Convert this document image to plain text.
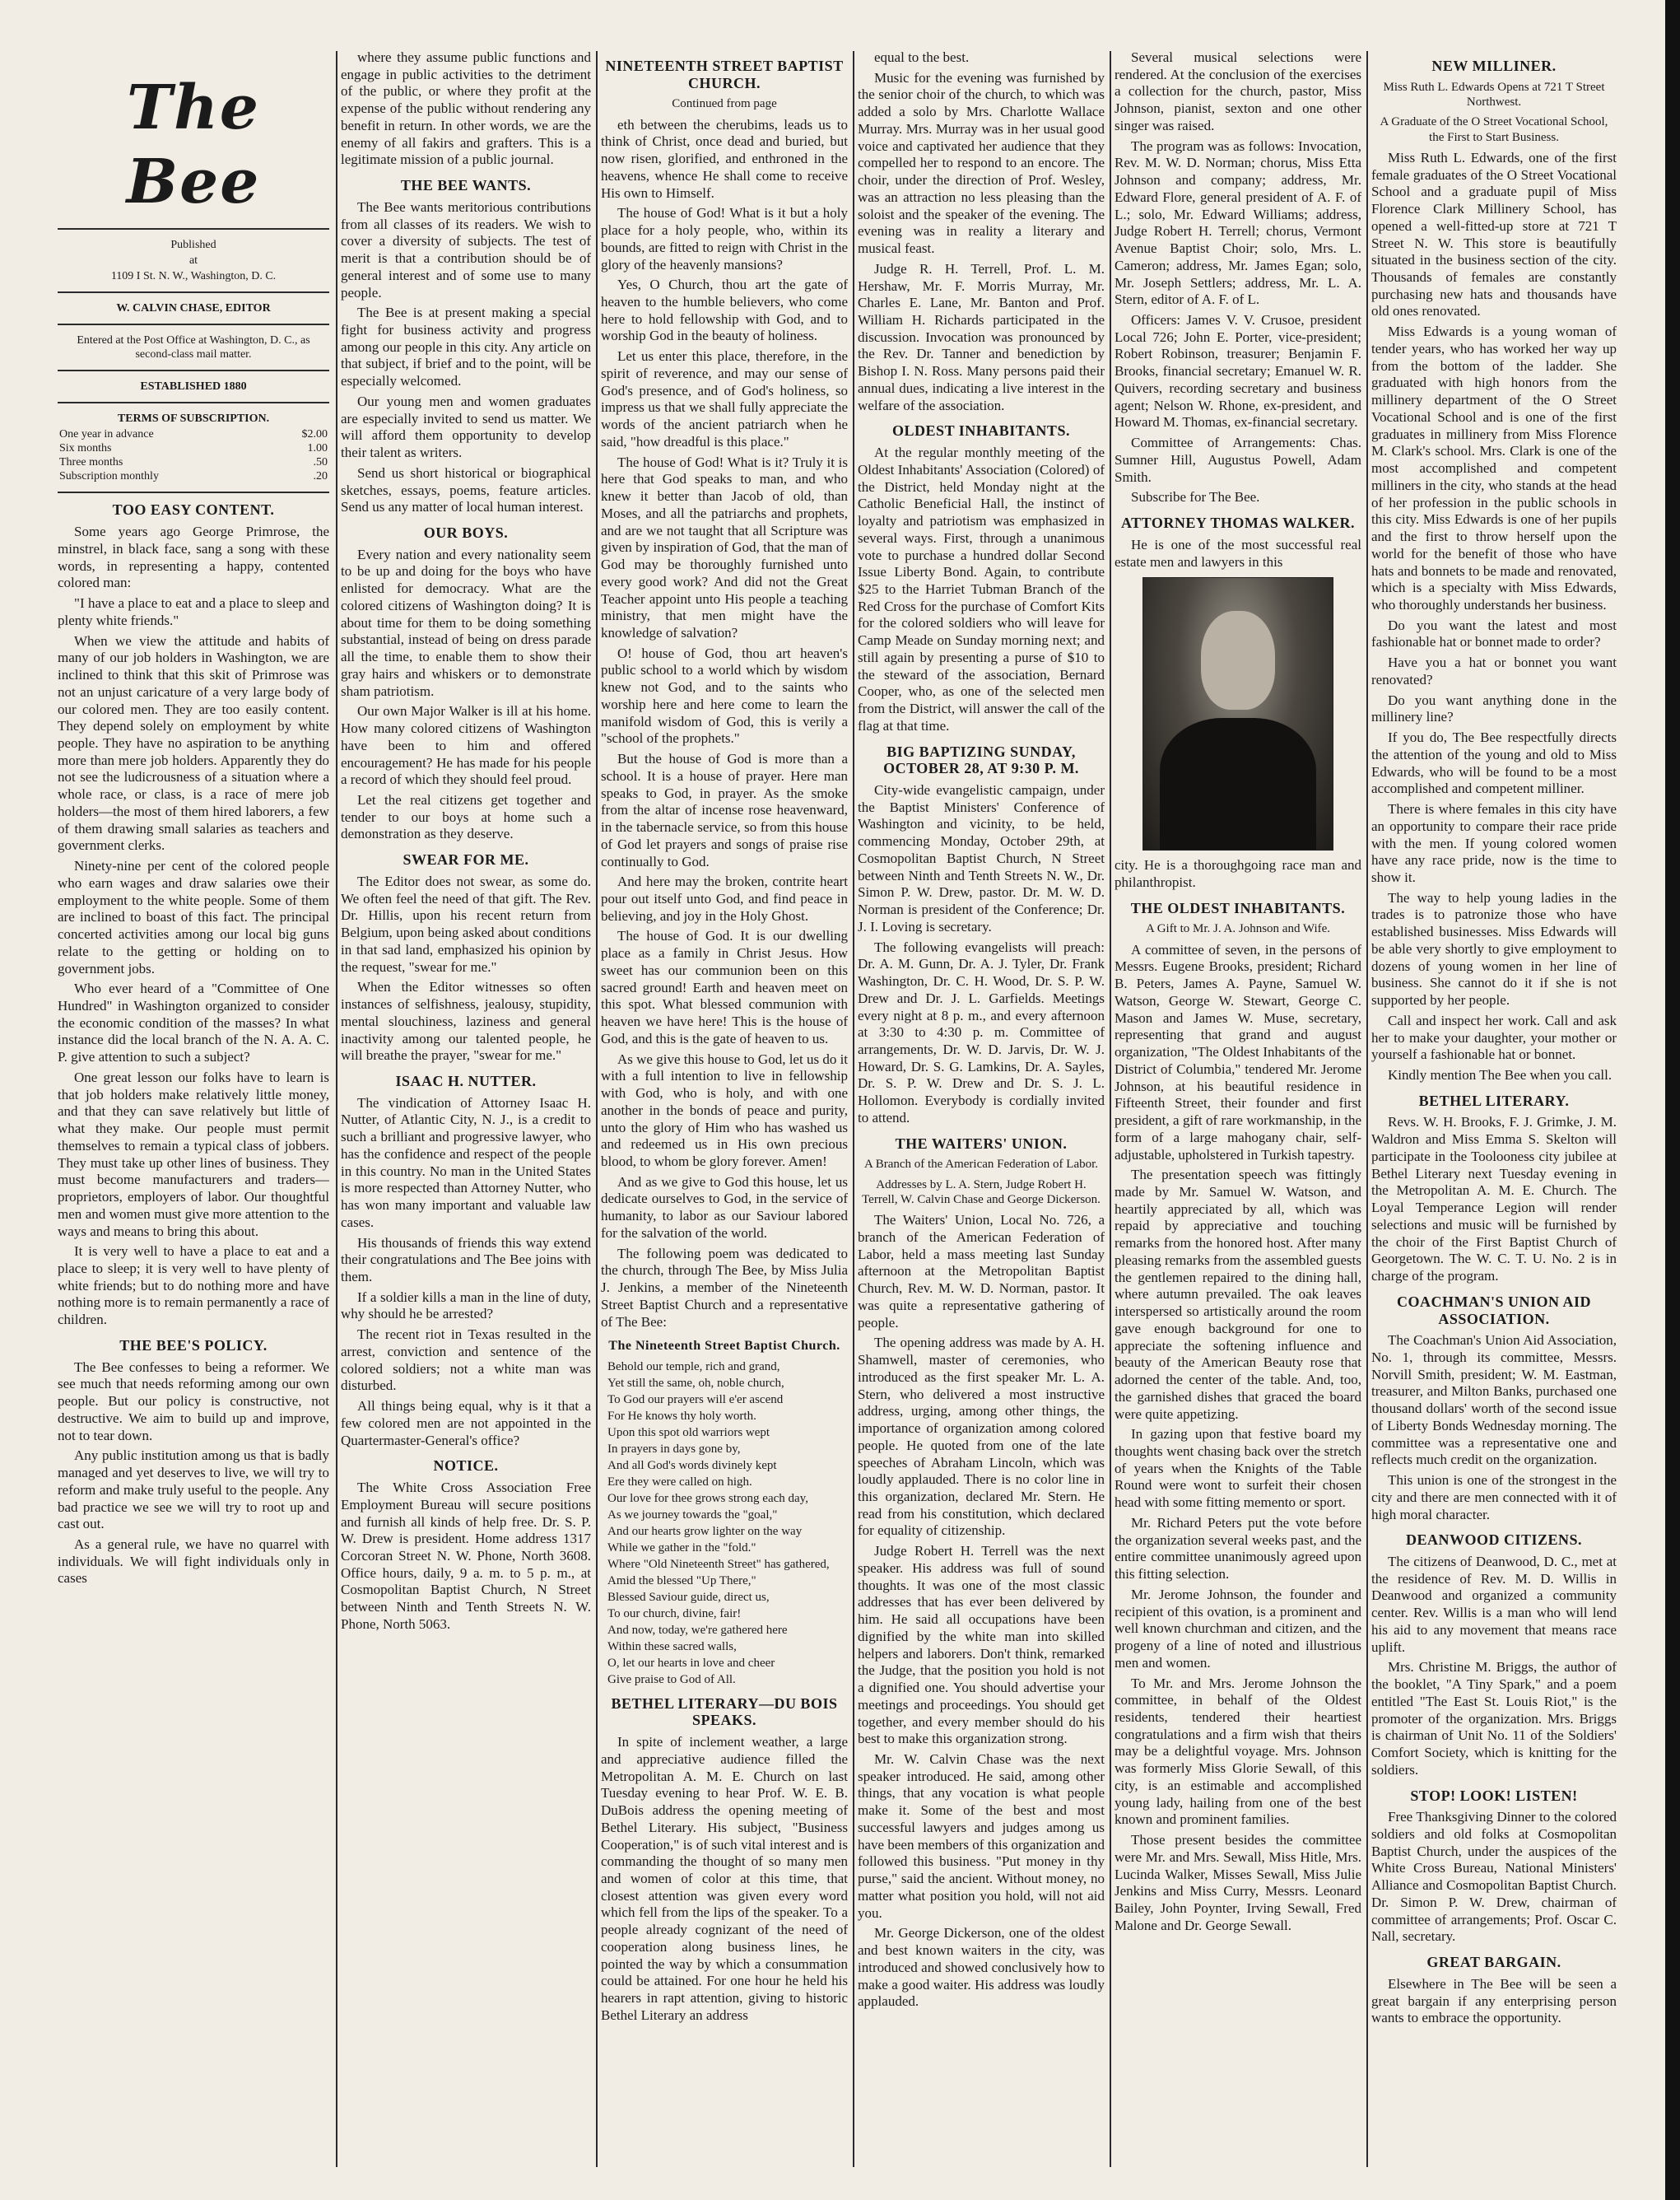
The Bee

Published

at

1109 I St. N. W., Washington, D. C.

W. CALVIN CHASE, EDITOR

Entered at the Post Office at Washington, D. C., as second-class mail matter.

ESTABLISHED 1880

TERMS OF SUBSCRIPTION.

One year in advance	$2.00
Six months	1.00
Three months	.50
Subscription monthly	.20
TOO EASY CONTENT.

Some years ago George Primrose, the minstrel, in black face, sang a song with these words, in representing a happy, contented colored man:

"I have a place to eat and a place to sleep and plenty white friends."

When we view the attitude and habits of many of our job holders in Washington, we are inclined to think that this skit of Primrose was not an unjust caricature of a very large body of our colored men. They are too easily content. They depend solely on employment by white people. They have no aspiration to be anything more than mere job holders. Apparently they do not see the ludicrousness of a situation where a whole race, or class, is a race of mere job holders—the most of them hired laborers, a few of them drawing small salaries as teachers and government clerks.

Ninety-nine per cent of the colored people who earn wages and draw salaries owe their employment to the white people. Some of them are inclined to boast of this fact. The principal concerted activities among our local big guns relate to the getting or holding on to government jobs.

Who ever heard of a "Committee of One Hundred" in Washington organized to consider the economic condition of the masses? In what instance did the local branch of the N. A. A. C. P. give attention to such a subject?

One great lesson our folks have to learn is that job holders make relatively little money, and that they can save relatively but little of what they make. Our people must permit themselves to remain a typical class of jobbers. They must take up other lines of business. They must become manufacturers and traders—proprietors, employers of labor. Our thoughtful men and women must give more attention to the ways and means to bring this about.

It is very well to have a place to eat and a place to sleep; it is very well to have plenty of white friends; but to do nothing more and have nothing more is to remain permanently a race of children.

THE BEE'S POLICY.

The Bee confesses to being a reformer. We see much that needs reforming among our own people. But our policy is constructive, not destructive. We aim to build up and improve, not to tear down.

Any public institution among us that is badly managed and yet deserves to live, we will try to reform and make truly useful to the people. Any bad practice we see we will try to root up and cast out.

As a general rule, we have no quarrel with individuals. We will fight individuals only in cases

where they assume public functions and engage in public activities to the detriment of the public, or where they profit at the expense of the public without rendering any benefit in return. In other words, we are the enemy of all fakirs and grafters. This is a legitimate mission of a public journal.

THE BEE WANTS.

The Bee wants meritorious contributions from all classes of its readers. We wish to cover a diversity of subjects. The test of merit is that a contribution should be of general interest and of some use to many people.

The Bee is at present making a special fight for business activity and progress among our people in this city. Any article on that subject, if brief and to the point, will be especially welcomed.

Our young men and women graduates are especially invited to send us matter. We will afford them opportunity to develop their talent as writers.

Send us short historical or biographical sketches, essays, poems, feature articles. Send us any matter of local human interest.

OUR BOYS.

Every nation and every nationality seem to be up and doing for the boys who have enlisted for democracy. What are the colored citizens of Washington doing? It is about time for them to be doing something substantial, instead of being on dress parade all the time, to enable them to show their gray hairs and whiskers or to demonstrate sham patriotism.

Our own Major Walker is ill at his home. How many colored citizens of Washington have been to him and offered encouragement? He has made for his people a record of which they should feel proud.

Let the real citizens get together and tender to our boys at home such a demonstration as they deserve.

SWEAR FOR ME.

The Editor does not swear, as some do. We often feel the need of that gift. The Rev. Dr. Hillis, upon his recent return from Belgium, upon being asked about conditions in that sad land, emphasized his opinion by the request, "swear for me."

When the Editor witnesses so often instances of selfishness, jealousy, stupidity, mental slouchiness, laziness and general inactivity among our talented people, he will breathe the prayer, "swear for me."

ISAAC H. NUTTER.

The vindication of Attorney Isaac H. Nutter, of Atlantic City, N. J., is a credit to such a brilliant and progressive lawyer, who has the confidence and respect of the people in this country. No man in the United States is more respected than Attorney Nutter, who has won many important and valuable law cases.

His thousands of friends this way extend their congratulations and The Bee joins with them.

If a soldier kills a man in the line of duty, why should he be arrested?

The recent riot in Texas resulted in the arrest, conviction and sentence of the colored soldiers; not a white man was disturbed.

All things being equal, why is it that a few colored men are not appointed in the Quartermaster-General's office?

NOTICE.

The White Cross Association Free Employment Bureau will secure positions and furnish all kinds of help free. Dr. S. P. W. Drew is president. Home address 1317 Corcoran Street N. W. Phone, North 3608. Office hours, daily, 9 a. m. to 5 p. m., at Cosmopolitan Baptist Church, N Street between Ninth and Tenth Streets N. W. Phone, North 5063.

NINETEENTH STREET BAPTIST CHURCH.
Continued from page

eth between the cherubims, leads us to think of Christ, once dead and buried, but now risen, glorified, and enthroned in the heavens, whence He shall come to receive His own to Himself.

The house of God! What is it but a holy place for a holy people, who, within its bounds, are fitted to reign with Christ in the glory of the heavenly mansions?

Yes, O Church, thou art the gate of heaven to the humble believers, who come here to hold fellowship with God, and to worship God in the beauty of holiness.

Let us enter this place, therefore, in the spirit of reverence, and may our sense of God's presence, and of God's holiness, so impress us that we shall fully appreciate the words of the ancient patriarch when he said, "how dreadful is this place."

The house of God! What is it? Truly it is here that God speaks to man, and who knew it better than Jacob of old, than Moses, and all the patriarchs and prophets, and are we not taught that all Scripture was given by inspiration of God, that the man of God may be thoroughly furnished unto every good work? And did not the Great Teacher appoint unto His people a teaching ministry, that men might have the knowledge of salvation?

O! house of God, thou art heaven's public school to a world which by wisdom knew not God, and to the saints who worship here and here come to learn the manifold wisdom of God, this is verily a "school of the prophets."

But the house of God is more than a school. It is a house of prayer. Here man speaks to God, in prayer. As the smoke from the altar of incense rose heavenward, in the tabernacle service, so from this house of God let prayers and songs of praise rise continually to God.

And here may the broken, contrite heart pour out itself unto God, and find peace in believing, and joy in the Holy Ghost.

The house of God. It is our dwelling place as a family in Christ Jesus. How sweet has our communion been on this sacred ground! Earth and heaven meet on this spot. What blessed communion with heaven we have here! This is the house of God, and this is the gate of heaven to us.

As we give this house to God, let us do it with a full intention to live in fellowship with God, who is holy, and with one another in the bonds of peace and purity, unto the glory of Him who has washed us and redeemed us in His own precious blood, to whom be glory forever. Amen!

And as we give to God this house, let us dedicate ourselves to God, in the service of humanity, to labor as our Saviour labored for the salvation of the world.

The following poem was dedicated to the church, through The Bee, by Miss Julia J. Jenkins, a member of the Nineteenth Street Baptist Church and a representative of The Bee:

The Nineteenth Street Baptist Church.

Behold our temple, rich and grand,

Yet still the same, oh, noble church,

To God our prayers will e'er ascend

For He knows thy holy worth.

Upon this spot old warriors wept

In prayers in days gone by,

And all God's words divinely kept

Ere they were called on high.

Our love for thee grows strong each day,

As we journey towards the "goal,"

And our hearts grow lighter on the way

While we gather in the "fold."

Where "Old Nineteenth Street" has gathered,

Amid the blessed "Up There,"

Blessed Saviour guide, direct us,

To our church, divine, fair!

And now, today, we're gathered here

Within these sacred walls,

O, let our hearts in love and cheer

Give praise to God of All.

BETHEL LITERARY—DU BOIS SPEAKS.

In spite of inclement weather, a large and appreciative audience filled the Metropolitan A. M. E. Church on last Tuesday evening to hear Prof. W. E. B. DuBois address the opening meeting of Bethel Literary. His subject, "Business Cooperation," is of such vital interest and is commanding the thought of so many men and women of color at this time, that closest attention was given every word which fell from the lips of the speaker. To a people already cognizant of the need of cooperation along business lines, he pointed the way by which a consummation could be attained. For one hour he held his hearers in rapt attention, giving to historic Bethel Literary an address

equal to the best.

Music for the evening was furnished by the senior choir of the church, to which was added a solo by Mrs. Charlotte Wallace Murray. Mrs. Murray was in her usual good voice and captivated her audience that they compelled her to respond to an encore. The choir, under the direction of Prof. Wesley, was an attraction no less pleasing than the soloist and the speaker of the evening. The evening was in reality a literary and musical feast.

Judge R. H. Terrell, Prof. L. M. Hershaw, Mr. F. Morris Murray, Mr. Charles E. Lane, Mr. Banton and Prof. William H. Richards participated in the discussion. Invocation was pronounced by the Rev. Dr. Tanner and benediction by Bishop I. N. Ross. Many persons paid their annual dues, indicating a live interest in the welfare of the association.

OLDEST INHABITANTS.

At the regular monthly meeting of the Oldest Inhabitants' Association (Colored) of the District, held Monday night at the Catholic Beneficial Hall, the instinct of loyalty and patriotism was emphasized in several ways. First, through a unanimous vote to purchase a hundred dollar Second Issue Liberty Bond. Again, to contribute $25 to the Harriet Tubman Branch of the Red Cross for the purchase of Comfort Kits for the colored soldiers who will leave for Camp Meade on Sunday morning next; and still again by presenting a purse of $10 to the steward of the association, Bernard Cooper, who, as one of the selected men from the District, will answer the call of the flag at that time.

BIG BAPTIZING SUNDAY, OCTOBER 28, AT 9:30 P. M.

City-wide evangelistic campaign, under the Baptist Ministers' Conference of Washington and vicinity, to be held, commencing Monday, October 29th, at Cosmopolitan Baptist Church, N Street between Ninth and Tenth Streets N. W., Dr. Simon P. W. Drew, pastor. Dr. M. W. D. Norman is president of the Conference; Dr. J. I. Loving is secretary.

The following evangelists will preach: Dr. A. M. Gunn, Dr. A. J. Tyler, Dr. Frank Washington, Dr. C. H. Wood, Dr. S. P. W. Drew and Dr. J. L. Garfields. Meetings every night at 8 p. m., and every afternoon at 3:30 to 4:30 p. m. Committee of arrangements, Dr. W. D. Jarvis, Dr. W. J. Howard, Dr. S. G. Lamkins, Dr. A. Sayles, Dr. S. P. W. Drew and Dr. S. J. L. Hollomon. Everybody is cordially invited to attend.

THE WAITERS' UNION.
A Branch of the American Federation of Labor.
Addresses by L. A. Stern, Judge Robert H. Terrell, W. Calvin Chase and George Dickerson.

The Waiters' Union, Local No. 726, a branch of the American Federation of Labor, held a mass meeting last Sunday afternoon at the Metropolitan Baptist Church, Rev. M. W. D. Norman, pastor. It was quite a representative gathering of people.

The opening address was made by A. H. Shamwell, master of ceremonies, who introduced as the first speaker Mr. L. A. Stern, who delivered a most instructive address, urging, among other things, the importance of organization among colored people. He quoted from one of the late speeches of Abraham Lincoln, which was loudly applauded. There is no color line in this organization, declared Mr. Stern. He read from his constitution, which declared for equality of citizenship.

Judge Robert H. Terrell was the next speaker. His address was full of sound thoughts. It was one of the most classic addresses that has ever been delivered by him. He said all occupations have been dignified by the white man into skilled helpers and laborers. Don't think, remarked the Judge, that the position you hold is not a dignified one. You should advertise your meetings and proceedings. You should get together, and every member should do his best to make this organization strong.

Mr. W. Calvin Chase was the next speaker introduced. He said, among other things, that any vocation is what people make it. Some of the best and most successful lawyers and judges among us have been members of this organization and followed this business. "Put money in thy purse," said the ancient. Without money, no matter what position you hold, will not aid you.

Mr. George Dickerson, one of the oldest and best known waiters in the city, was introduced and showed conclusively how to make a good waiter. His address was loudly applauded.

Several musical selections were rendered. At the conclusion of the exercises a collection for the church, pastor, Miss Johnson, pianist, sexton and one other singer was raised.

The program was as follows: Invocation, Rev. M. W. D. Norman; chorus, Miss Etta Johnson and company; address, Mr. Edward Flore, general president of A. F. of L.; solo, Mr. Edward Williams; address, Judge Robert H. Terrell; chorus, Vermont Avenue Baptist Choir; solo, Mrs. L. Cameron; address, Mr. James Egan; solo, Mr. Joseph Settlers; address, Mr. L. A. Stern, editor of A. F. of L.

Officers: James V. V. Crusoe, president Local 726; John E. Porter, vice-president; Robert Robinson, treasurer; Benjamin F. Brooks, financial secretary; Emanuel W. R. Quivers, recording secretary and business agent; Nelson W. Rhone, ex-president, and Howard M. Thomas, ex-financial secretary.

Committee of Arrangements: Chas. Sumner Hill, Augustus Powell, Adam Smith.

Subscribe for The Bee.

ATTORNEY THOMAS WALKER.

He is one of the most successful real estate men and lawyers in this

city. He is a thoroughgoing race man and philanthropist.

THE OLDEST INHABITANTS.
A Gift to Mr. J. A. Johnson and Wife.

A committee of seven, in the persons of Messrs. Eugene Brooks, president; Richard B. Peters, James A. Payne, Samuel W. Watson, George W. Stewart, George C. Mason and James W. Muse, secretary, representing that grand and august organization, "The Oldest Inhabitants of the District of Columbia," tendered Mr. Jerome Johnson, at his beautiful residence in Fifteenth Street, their founder and first president, a gift of rare workmanship, in the form of a large mahogany chair, self-adjustable, upholstered in Turkish tapestry.

The presentation speech was fittingly made by Mr. Samuel W. Watson, and heartily appreciated by all, which was repaid by appreciative and touching remarks from the honored host. After many pleasing remarks from the assembled guests the gentlemen repaired to the dining hall, where autumn prevailed. The oak leaves interspersed so artistically around the room gave enough background for one to appreciate the softening influence and beauty of the American Beauty rose that adorned the center of the table. And, too, the garnished dishes that graced the board were quite appetizing.

In gazing upon that festive board my thoughts went chasing back over the stretch of years when the Knights of the Table Round were wont to surfeit their chosen head with some fitting memento or sport.

Mr. Richard Peters put the vote before the organization several weeks past, and the entire committee unanimously agreed upon this fitting selection.

Mr. Jerome Johnson, the founder and recipient of this ovation, is a prominent and well known churchman and citizen, and the progeny of a line of noted and illustrious men and women.

To Mr. and Mrs. Jerome Johnson the committee, in behalf of the Oldest residents, tendered their heartiest congratulations and a firm wish that theirs may be a delightful voyage. Mrs. Johnson was formerly Miss Glorie Sewall, of this city, is an estimable and accomplished young lady, hailing from one of the best known and prominent families.

Those present besides the committee were Mr. and Mrs. Sewall, Miss Hitle, Mrs. Lucinda Walker, Misses Sewall, Miss Julie Jenkins and Miss Curry, Messrs. Leonard Bailey, John Poynter, Irving Sewall, Fred Malone and Dr. George Sewall.

NEW MILLINER.
Miss Ruth L. Edwards Opens at 721 T Street Northwest.
A Graduate of the O Street Vocational School, the First to Start Business.

Miss Ruth L. Edwards, one of the first female graduates of the O Street Vocational School and a graduate pupil of Miss Florence Clark Millinery School, has opened a well-fitted-up store at 721 T Street N. W. This store is beautifully situated in the business section of the city. Thousands of females are constantly purchasing new hats and thousands have old ones renovated.

Miss Edwards is a young woman of tender years, who has worked her way up from the bottom of the ladder. She graduated with high honors from the millinery department of the O Street Vocational School and is one of the first graduates in millinery from Miss Florence M. Clark's school. Mrs. Clark is one of the most accomplished and competent milliners in the city, who stands at the head of her profession in the public schools in this city. Miss Edwards is one of her pupils and the first to throw herself upon the world for the benefit of those who have hats and bonnets to be made and renovated, which is a specialty with Miss Edwards, who thoroughly understands her business.

Do you want the latest and most fashionable hat or bonnet made to order?

Have you a hat or bonnet you want renovated?

Do you want anything done in the millinery line?

If you do, The Bee respectfully directs the attention of the young and old to Miss Edwards, who will be found to be a most accomplished and competent milliner.

There is where females in this city have an opportunity to compare their race pride with the men. If young colored women have any race pride, now is the time to show it.

The way to help young ladies in the trades is to patronize those who have established businesses. Miss Edwards will be able very shortly to give employment to dozens of young women in her line of business. She cannot do it if she is not supported by her people.

Call and inspect her work. Call and ask her to make your daughter, your mother or yourself a fashionable hat or bonnet.

Kindly mention The Bee when you call.

BETHEL LITERARY.

Revs. W. H. Brooks, F. J. Grimke, J. M. Waldron and Miss Emma S. Skelton will participate in the Toolooness city jubilee at Bethel Literary next Tuesday evening in the Metropolitan A. M. E. Church. The Loyal Temperance Legion will render selections and music will be furnished by the choir of the First Baptist Church of Georgetown. The W. C. T. U. No. 2 is in charge of the program.

COACHMAN'S UNION AID ASSOCIATION.

The Coachman's Union Aid Association, No. 1, through its committee, Messrs. Norvill Smith, president; W. M. Eastman, treasurer, and Milton Banks, purchased one thousand dollars' worth of the second issue of Liberty Bonds Wednesday morning. The committee was a representative one and reflects much credit on the organization.

This union is one of the strongest in the city and there are men connected with it of high moral character.

DEANWOOD CITIZENS.

The citizens of Deanwood, D. C., met at the residence of Rev. M. D. Willis in Deanwood and organized a community center. Rev. Willis is a man who will lend his aid to any movement that means race uplift.

Mrs. Christine M. Briggs, the author of the booklet, "A Tiny Spark," and a poem entitled "The East St. Louis Riot," is the promoter of the organization. Mrs. Briggs is chairman of Unit No. 11 of the Soldiers' Comfort Society, which is knitting for the soldiers.

STOP! LOOK! LISTEN!

Free Thanksgiving Dinner to the colored soldiers and old folks at Cosmopolitan Baptist Church, under the auspices of the White Cross Bureau, National Ministers' Alliance and Cosmopolitan Baptist Church. Dr. Simon P. W. Drew, chairman of committee of arrangements; Prof. Oscar C. Nall, secretary.

GREAT BARGAIN.

Elsewhere in The Bee will be seen a great bargain if any enterprising person wants to embrace the opportunity.
